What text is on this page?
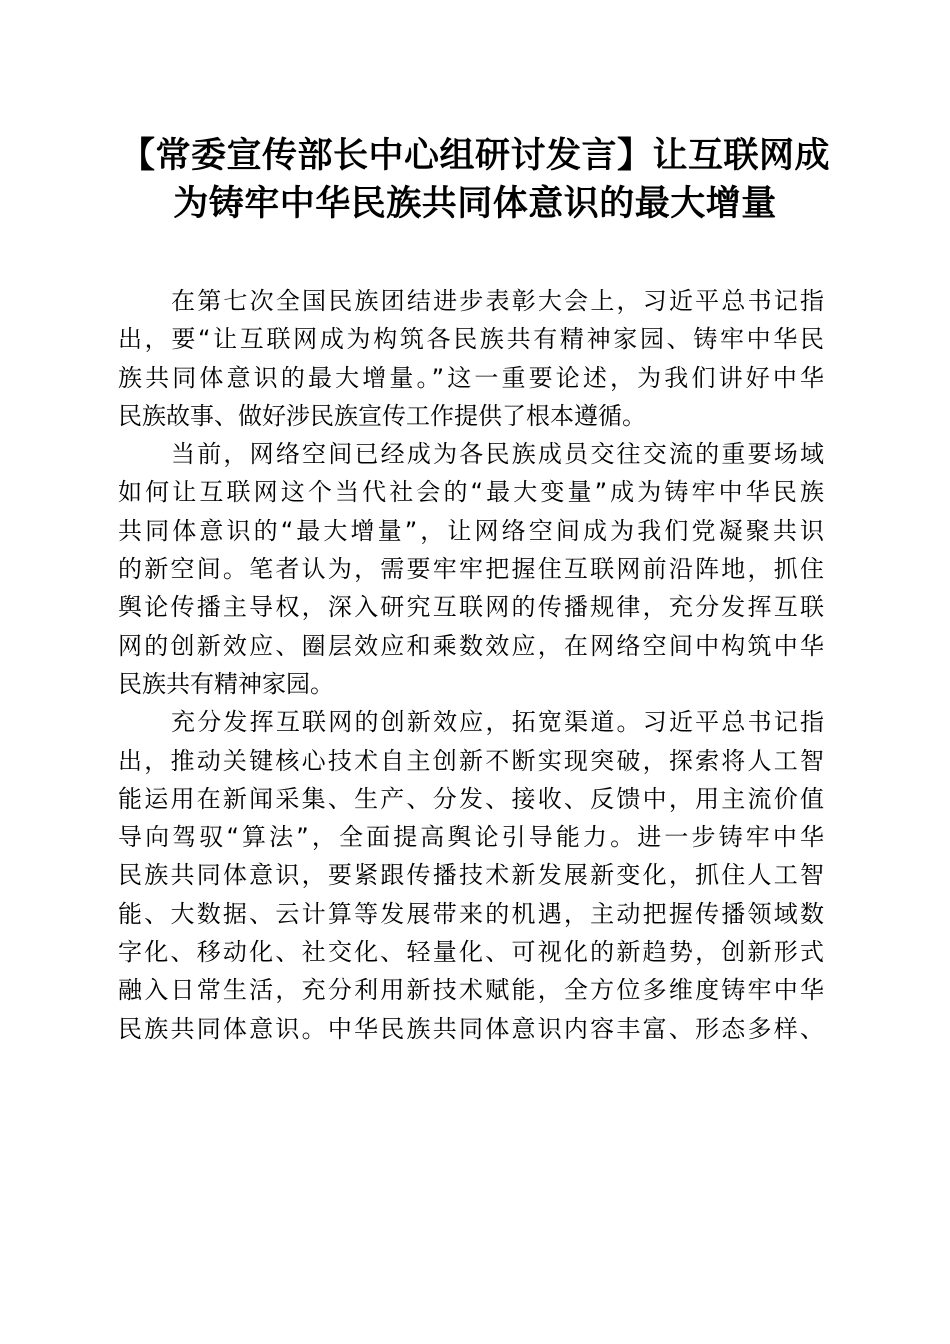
【常委宣传部长中心组研讨发言】让互联网成
为铸牢中华民族共同体意识的最大增量

在第七次全国民族团结进步表彰大会上，习近平总书记指
出，要“让互联网成为构筑各民族共有精神家园、铸牢中华民
族共同体意识的最大增量。”这一重要论述，为我们讲好中华
民族故事、做好涉民族宣传工作提供了根本遵循。

当前，网络空间已经成为各民族成员交往交流的重要场域
如何让互联网这个当代社会的“最大变量”成为铸牢中华民族
共同体意识的“最大增量”，让网络空间成为我们党凝聚共识
的新空间。笔者认为，需要牢牢把握住互联网前沿阵地，抓住
舆论传播主导权，深入研究互联网的传播规律，充分发挥互联
网的创新效应、圈层效应和乘数效应，在网络空间中构筑中华
民族共有精神家园。

充分发挥互联网的创新效应，拓宽渠道。习近平总书记指
出，推动关键核心技术自主创新不断实现突破，探索将人工智
能运用在新闻采集、生产、分发、接收、反馈中，用主流价值
导向驾驭“算法”，全面提高舆论引导能力。进一步铸牢中华
民族共同体意识，要紧跟传播技术新发展新变化，抓住人工智
能、大数据、云计算等发展带来的机遇，主动把握传播领域数
字化、移动化、社交化、轻量化、可视化的新趋势，创新形式
融入日常生活，充分利用新技术赋能，全方位多维度铸牢中华
民族共同体意识。中华民族共同体意识内容丰富、形态多样、
